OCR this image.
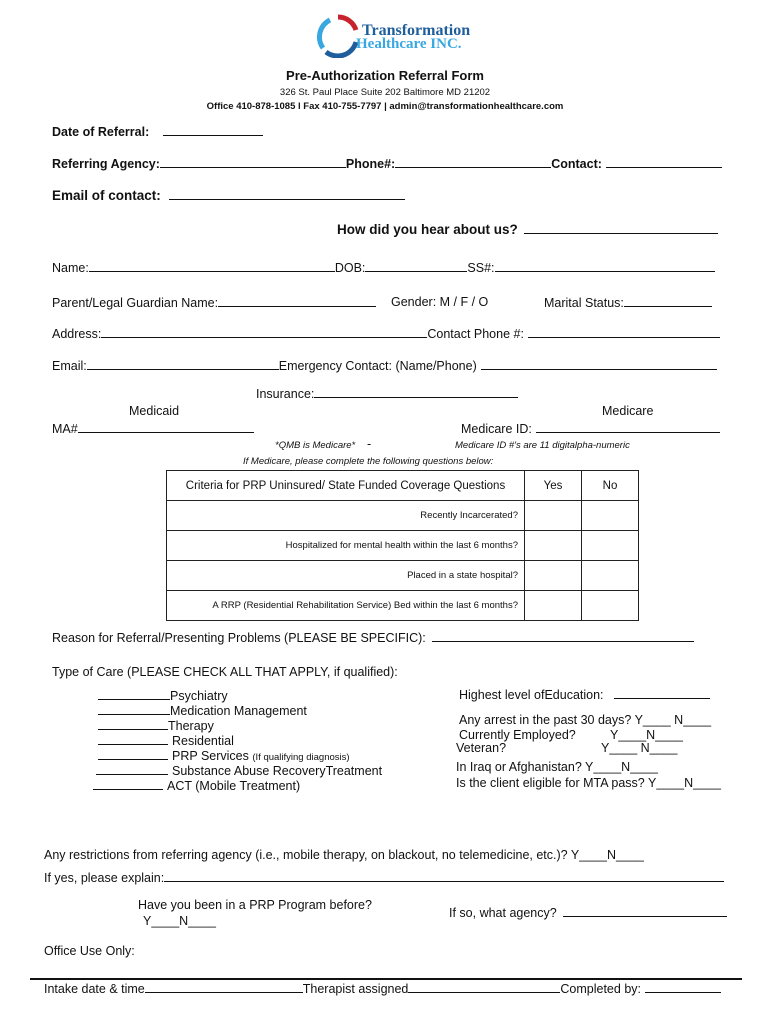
Transformation
Healthcare INC.
Pre-Authorization Referral Form
326 St. Paul Place Suite 202 Baltimore MD 21202
Office 410-878-1085 l Fax 410-755-7797 | admin@transformationhealthcare.com
Date of Referral:
Referring Agency:	Phone#:	Contact:
Email of contact:
How did you hear about us?
Name:	DOB:	SS#:
Parent/Legal Guardian Name:	Gender: M / F / O	Marital Status:
Address:	Contact Phone #:
Email:	Emergency Contact: (Name/Phone)
Insurance:
Medicaid	Medicare
MA#	Medicare ID:
*QMB is Medicare* -	Medicare ID #'s are 11 digitalpha-numeric
If Medicare, please complete the following questions below:
Criteria for PRP Uninsured/ State Funded Coverage Questions	Yes	No
Recently Incarcerated?		
Hospitalized for mental health within the last 6 months?		
Placed in a state hospital?		
A RRP (Residential Rehabilitation Service) Bed within the last 6 months?		
Reason for Referral/Presenting Problems (PLEASE BE SPECIFIC):
Type of Care (PLEASE CHECK ALL THAT APPLY, if qualified):
Psychiatry
Medication Management
Therapy
Residential
PRP Services (If qualifying diagnosis)
Substance Abuse RecoveryTreatment
ACT (Mobile Treatment)
Highest level ofEducation:
Any arrest in the past 30 days? Y____ N____
Currently Employed?	Y____N____
Veteran?	Y____ N____
In Iraq or Afghanistan? Y____N____
Is the client eligible for MTA pass? Y____N____
Any restrictions from referring agency (i.e., mobile therapy, on blackout, no telemedicine, etc.)? Y____N____
If yes, please explain:
Have you been in a PRP Program before?
Y____N____
If so, what agency?
Office Use Only:
Intake date & time	Therapist assigned	Completed by:
